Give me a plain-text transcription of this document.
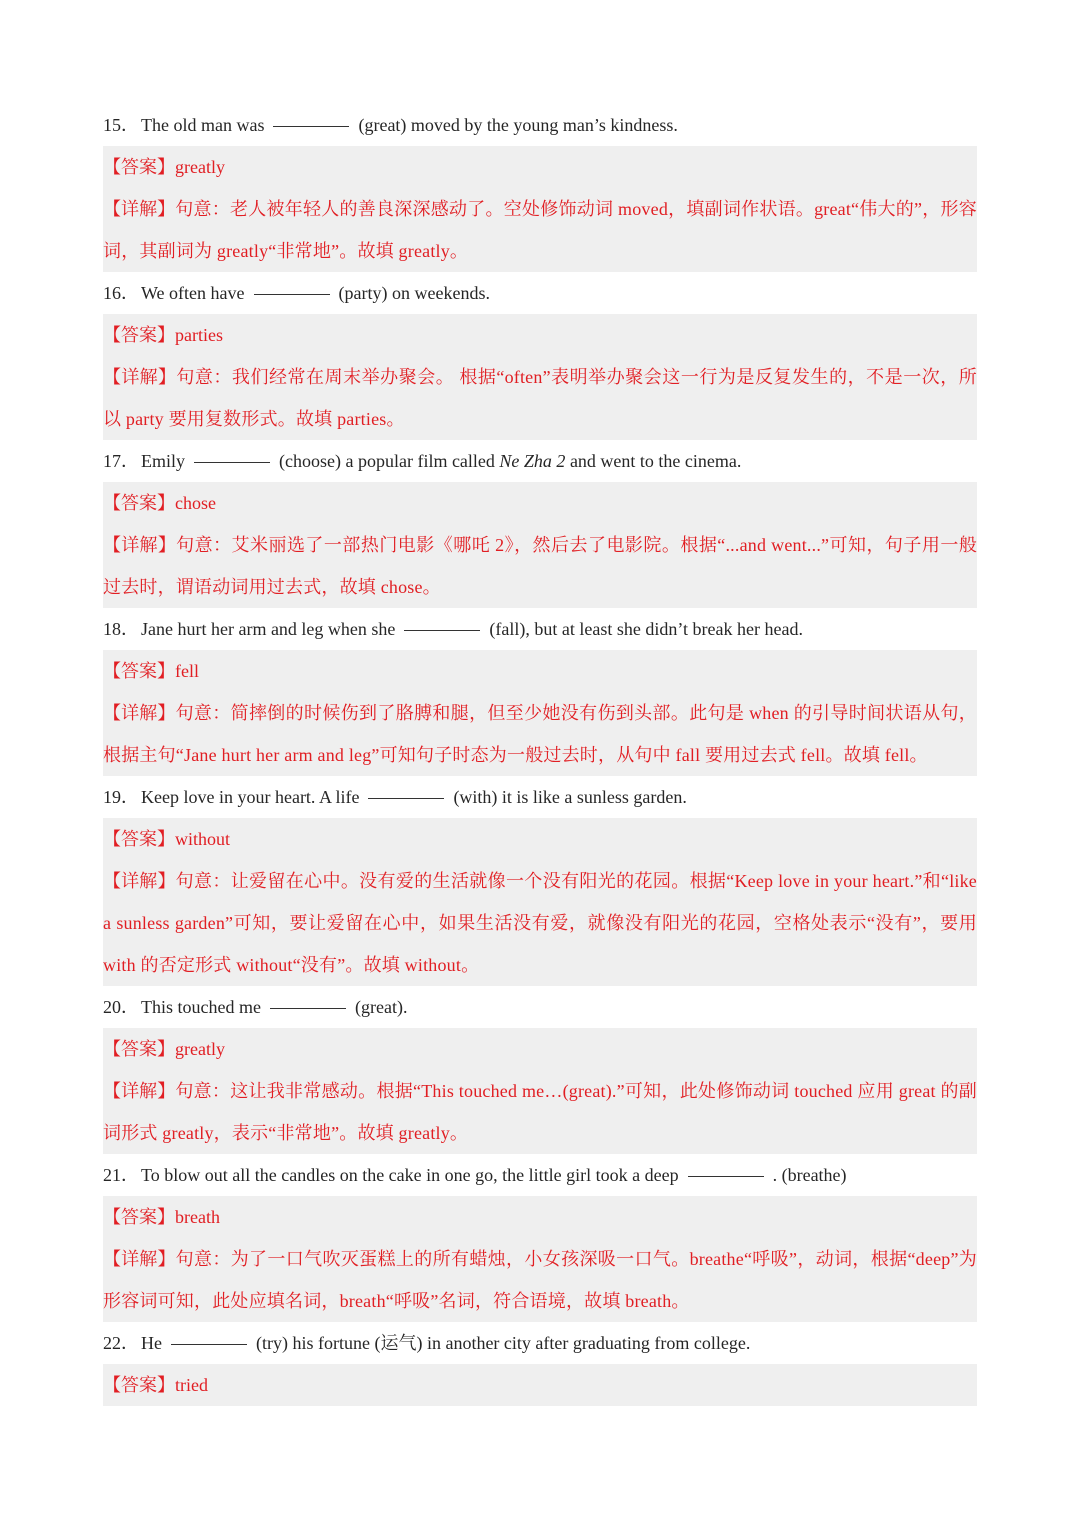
15． The old man was	(great) moved by the young man’s kindness.
【答案】greatly
【详解】句意：老人被年轻人的善良深深感动了。空处修饰动词 moved，填副词作状语。great“伟大的”，形容词，其副词为 greatly“非常地”。故填 greatly。
16． We often have	(party) on weekends.
【答案】parties
【详解】句意：我们经常在周末举办聚会。 根据“often”表明举办聚会这一行为是反复发生的，不是一次，所以 party 要用复数形式。故填 parties。
17． Emily	(choose) a popular film called Ne Zha 2 and went to the cinema.
【答案】chose
【详解】句意：艾米丽选了一部热门电影《哪吒 2》，然后去了电影院。根据“...and went...”可知，句子用一般过去时，谓语动词用过去式，故填 chose。
18． Jane hurt her arm and leg when she	(fall), but at least she didn’t break her head.
【答案】fell
【详解】句意：简摔倒的时候伤到了胳膊和腿，但至少她没有伤到头部。此句是 when 的引导时间状语从句，根据主句“Jane hurt her arm and leg”可知句子时态为一般过去时，从句中 fall 要用过去式 fell。故填 fell。
19． Keep love in your heart. A life	(with) it is like a sunless garden.
【答案】without
【详解】句意：让爱留在心中。没有爱的生活就像一个没有阳光的花园。根据“Keep love in your heart.”和“like a sunless garden”可知，要让爱留在心中，如果生活没有爱，就像没有阳光的花园，空格处表示“没有”，要用 with 的否定形式 without“没有”。故填 without。
20． This touched me	(great).
【答案】greatly
【详解】句意：这让我非常感动。根据“This touched me…(great).”可知，此处修饰动词 touched 应用 great 的副词形式 greatly，表示“非常地”。故填 greatly。
21． To blow out all the candles on the cake in one go, the little girl took a deep	. (breathe)
【答案】breath
【详解】句意：为了一口气吹灭蛋糕上的所有蜡烛，小女孩深吸一口气。breathe“呼吸”，动词，根据“deep”为形容词可知，此处应填名词，breath“呼吸”名词，符合语境，故填 breath。
22． He	(try) his fortune (运气) in another city after graduating from college.
【答案】tried
